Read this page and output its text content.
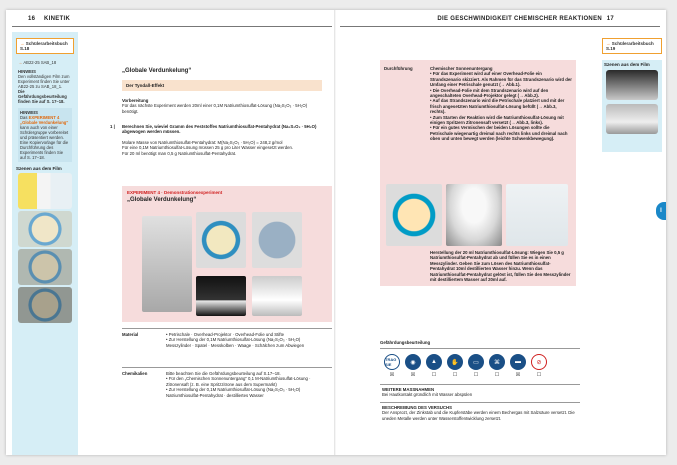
16 KINETIK
→ Schülerarbeitsbuch S.18
→ AB22-25 SAB_18
HINWEIS
Den vollständigen Film zum Experiment finden Sie unter AB22-25 zu SAB_18_1.
Die Gefährdungsbeurteilung finden Sie auf S. 17–18.
HINWEIS
Das EXPERIMENT 4 „Globale Verdunkelung“ kann auch von einer Schülergruppe vorbereitet und präsentiert werden. Eine Kopiervorlage für die Durchführung des Experiments finden Sie auf S. 17–18.
Szenen aus dem Film
„Globale Verdunkelung“
Der Tyndall-Effekt
Vorbereitung
Für das nächste Experiment werden 20ml einer 0,1M Natriumthiosulfat-Lösung (Na₂S₂O₃ · 5H₂O) benötigt.
1 |	Berechnen Sie, wieviel Gramm des Feststoffes Natriumthiosulfat-Pentahydrat (Na₂S₂O₃ · 5H₂O) abgewogen werden müssen.
Molare Masse von Natriumthiosulfat-Pentahydrat: M(Na₂S₂O₃ · 5H₂O) = 248,2 g/mol
Für eine 0,1M Natriumthiosulfat-Lösung müssen 25 g pro Liter Wasser eingesetzt werden.
Für 20 ml benötigt man 0,5 g Natriumthiosulfat-Pentahydrat.
EXPERIMENT 4 · Demonstrationsexperiment
„Globale Verdunkelung“
Material	• Petrischale · Overhead-Projektor · Overhead-Folie und Stifte
• Zur Herstellung der 0,1M Natriumthiosulfat-Lösung (Na₂S₂O₃ · 5H₂O) Messzylinder · Spatel · Messkolben · Waage · Schälchen zum Abwiegen
Chemikalien	Bitte beachten Sie die Gefährdungsbeurteilung auf S.17–18.
• Für den „Chemischen Sonnenuntergang“ 0,1 M-Natriumthiosulfat-Lösung · Zitronensaft (z. B. eine Spritzzitrone aus dem Supermarkt)
• Zur Herstellung der 0,1M Natriumthiosulfat-Lösung (Na₂S₂O₃ · 5H₂O) Natriumthiosulfat-Pentahydrat · destilliertes Wasser
DIE GESCHWINDIGKEIT CHEMISCHER REAKTIONEN 17
→ Schülerarbeitsbuch S.19
Szenen aus dem Film
I
Durchführung	Chemischer Sonnenuntergang
• Für das Experiment wird auf einer Overhead-Folie ein Strandszenario skizziert. Als Rahmen für das Strandszenario wird der Umfang einer Petrischale genutzt (→ Abb.1).
• Die Overhead-Folie mit dem Strandszenario wird auf den angeschalteten Overhead-Projektor gelegt (→ Abb.2).
• Auf das Strandszenario wird die Petrischale platziert und mit der frisch angesetzten Natriumthiosulfat-Lösung befüllt (→ Abb.3, rechts).
• Zum Starten der Reaktion wird die Natriumthiosulfat-Lösung mit einigen Spritzern Zitronensaft versetzt (→ Abb.3, links).
• Für ein gutes Vermischen der beiden Lösungen sollte die Petrischale wiegenartig dreimal nach rechts links und dreimal nach oben und unten bewegt werden (leichte Schwenkbewegung).
Herstellung der 20 ml Natriumthiosulfat-Lösung: Wiegen Sie 0,5 g Natriumthiosulfat-Pentahydrat ab und füllen Sie es in einen Messzylinder. Geben Sie zum Lösen des Natriumthiosulfat-Pentahydrat 10ml destillierten Wasser hinzu. Wenn das Natriumthiosulfat-Pentahydrat gelöst ist, füllen Sie den Messzylinder mit destilliertem Wasser auf 20ml auf.
Gefährdungsbeurteilung
TRAG SIE	◉	▲	✋	▭	⌘	▬	⊘
☒	☒	☐	☐	☐	☐	☒	☐
WEITERE MASSNAHMEN
Bei Hautkontakt gründlich mit Wasser abspülen
BESCHREIBUNG DES VERSUCHS
Der Ansprozt, der Zinkstab und die Kupferstäbe werden einem Bechergas mit Salzsäure versetzt. Die uneden Metalle werden unter Wasserstoffentwicklung zersetzt.
